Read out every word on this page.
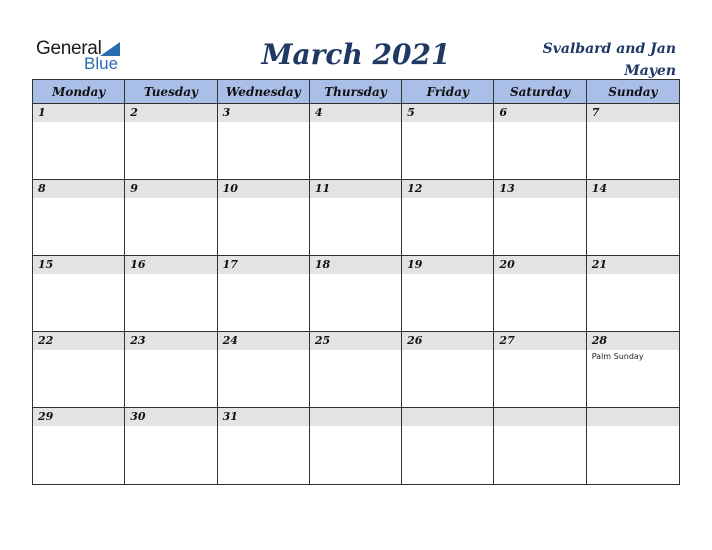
General
Blue	March 2021	Svalbard and Jan Mayen
Monday	Tuesday	Wednesday	Thursday	Friday	Saturday	Sunday
1	2	3	4	5	6	7
8	9	10	11	12	13	14
15	16	17	18	19	20	21
22	23	24	25	26	27	28
Palm Sunday
29	30	31
